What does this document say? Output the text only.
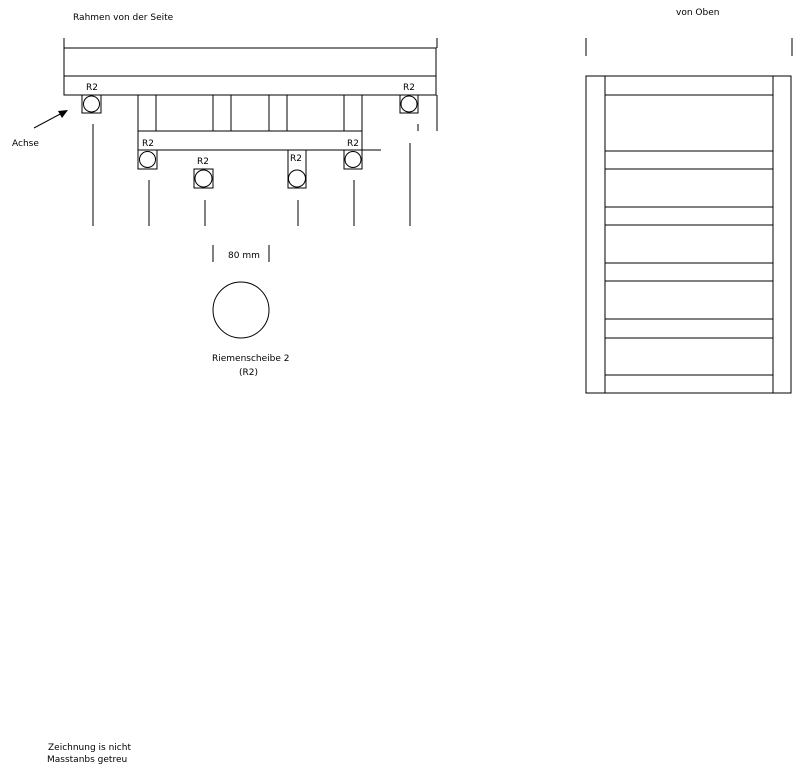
Rahmen von der Seite
R2	R2
R2	R2
R2	R2
Achse
80 mm
Riemenscheibe 2
(R2)
von Oben
Zeichnung is nicht
Masstanbs getreu
